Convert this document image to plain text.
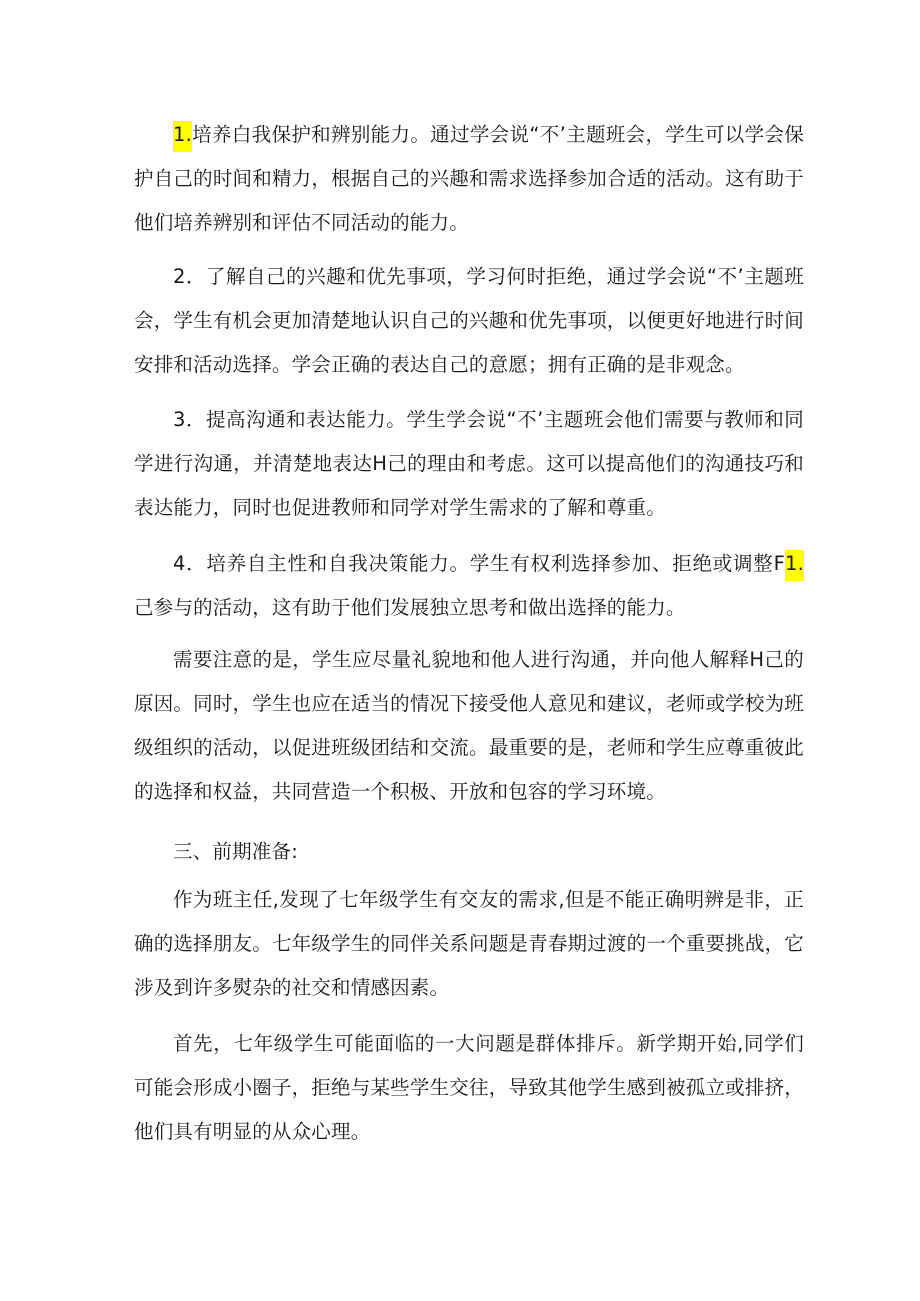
1.培养白我保护和辨别能力。通过学会说“不’主题班会，学生可以学会保护自己的时间和精力，根据自己的兴趣和需求选择参加合适的活动。这有助于他们培养辨别和评估不同活动的能力。

2．了解自己的兴趣和优先事项，学习何时拒绝，通过学会说“不’主题班会，学生有机会更加清楚地认识自己的兴趣和优先事项，以便更好地进行时间安排和活动选择。学会正确的表达自己的意愿；拥有正确的是非观念。

3．提高沟通和表达能力。学生学会说“不’主题班会他们需要与教师和同学进行沟通，并清楚地表达H己的理由和考虑。这可以提高他们的沟通技巧和表达能力，同时也促进教师和同学对学生需求的了解和尊重。

4．培养自主性和自我决策能力。学生有权利选择参加、拒绝或调整F1.己参与的活动，这有助于他们发展独立思考和做出选择的能力。

需要注意的是，学生应尽量礼貌地和他人进行沟通，并向他人解释H己的原因。同时，学生也应在适当的情况下接受他人意见和建议，老师或学校为班级组织的活动，以促进班级团结和交流。最重要的是，老师和学生应尊重彼此的选择和权益，共同营造一个积极、开放和包容的学习环境。

三、前期准备:

作为班主任,发现了七年级学生有交友的需求,但是不能正确明辨是非，正确的选择朋友。七年级学生的同伴关系问题是青春期过渡的一个重要挑战，它涉及到许多熨杂的社交和情感因素。

首先，七年级学生可能面临的一大问题是群体排斥。新学期开始,同学们可能会形成小圈子，拒绝与某些学生交往，导致其他学生感到被孤立或排挤，他们具有明显的从众心理。
